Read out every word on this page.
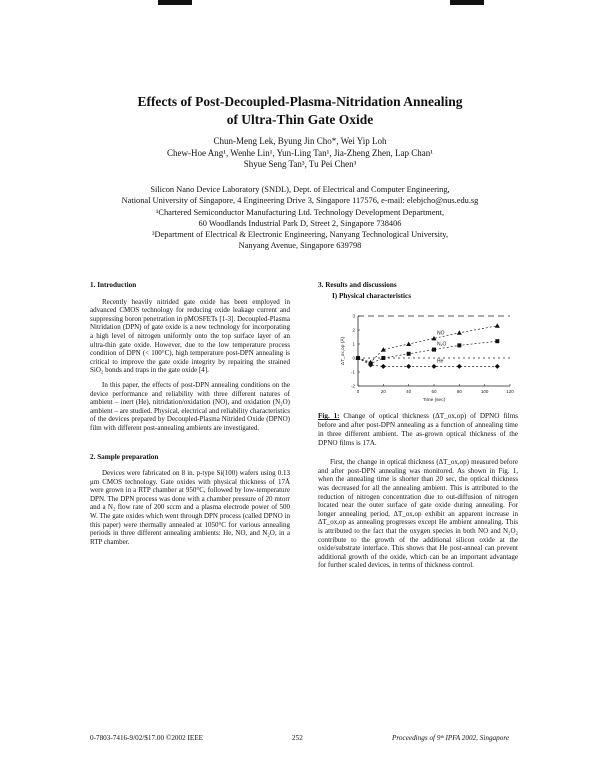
Effects of Post-Decoupled-Plasma-Nitridation Annealing
of Ultra-Thin Gate Oxide
Chun-Meng Lek, Byung Jin Cho*, Wei Yip Loh
Chew-Hoe Ang¹, Wenhe Lin¹, Yun-Ling Tan¹, Jia-Zheng Zhen, Lap Chan¹
Shyue Seng Tan³, Tu Pei Chen³
Silicon Nano Device Laboratory (SNDL), Dept. of Electrical and Computer Engineering,
National University of Singapore, 4 Engineering Drive 3, Singapore 117576, e-mail: elebjcho@nus.edu.sg
¹Chartered Semiconductor Manufacturing Ltd. Technology Development Department,
60 Woodlands Industrial Park D, Street 2, Singapore 738406
³Department of Electrical & Electronic Engineering, Nanyang Technological University,
Nanyang Avenue, Singapore 639798
1. Introduction

Recently heavily nitrided gate oxide has been employed in advanced CMOS technology for reducing oxide leakage current and suppressing boron penetration in pMOSFETs [1-3]. Decoupled-Plasma Nitridation (DPN) of gate oxide is a new technology for incorporating a high level of nitrogen uniformly onto the top surface layer of an ultra-thin gate oxide. However, due to the low temperature process condition of DPN (< 100°C), high temperature post-DPN annealing is critical to improve the gate oxide integrity by repairing the strained SiO₂ bonds and traps in the gate oxide [4].

In this paper, the effects of post-DPN annealing conditions on the device performance and reliability with three different natures of ambient – inert (He), nitridation/oxidation (NO), and oxidation (N₂O) ambient – are studied. Physical, electrical and reliability characteristics of the devices prepared by Decoupled-Plasma Nitrided Oxide (DPNO) film with different post-annealing ambients are investigated.

2. Sample preparation

Devices were fabricated on 8 in. p-type Si(100) wafers using 0.13 μm CMOS technology. Gate oxides with physical thickness of 17Å were grown in a RTP chamber at 950°C, followed by low-temperature DPN. The DPN process was done with a chamber pressure of 20 mtorr and a N₂ flow rate of 200 sccm and a plasma electrode power of 500 W. The gate oxides which went through DPN process (called DPNO in this paper) were thermally annealed at 1050°C for various annealing periods in three different annealing ambients: He, NO, and N₂O, in a RTP chamber.

3. Results and discussions
I) Physical characteristics
0	20	40	60	80	100	120
3
2
1
0
-1
-2
Time (sec)
ΔT_ox,op (Å)
NO
N₂O
He
Fig. 1: Change of optical thickness (ΔT_ox,op) of DPNO films before and after post-DPN annealing as a function of annealing time in three different ambient. The as-grown optical thickness of the DPNO films is 17A.

First, the change in optical thickness (ΔT_ox,op) measured before and after post-DPN annealing was monitored. As shown in Fig. 1, when the annealing time is shorter than 20 sec, the optical thickness was decreased for all the annealing ambient. This is attributed to the reduction of nitrogen concentration due to out-diffusion of nitrogen located near the outer surface of gate oxide during annealing. For longer annealing period, ΔT_ox,op exhibit an apparent increase in ΔT_ox,op as annealing progresses except He ambient annealing. This is attributed to the fact that the oxygen species in both NO and N₂O₂ contribute to the growth of the additional silicon oxide at the oxide/substrate interface. This shows that He post-anneal can prevent additional growth of the oxide, which can be an important advantage for further scaled devices, in terms of thickness control.

0-7803-7416-9/02/$17.00 ©2002 IEEE	252	Proceedings of 9ᵗʰ IPFA 2002, Singapore
